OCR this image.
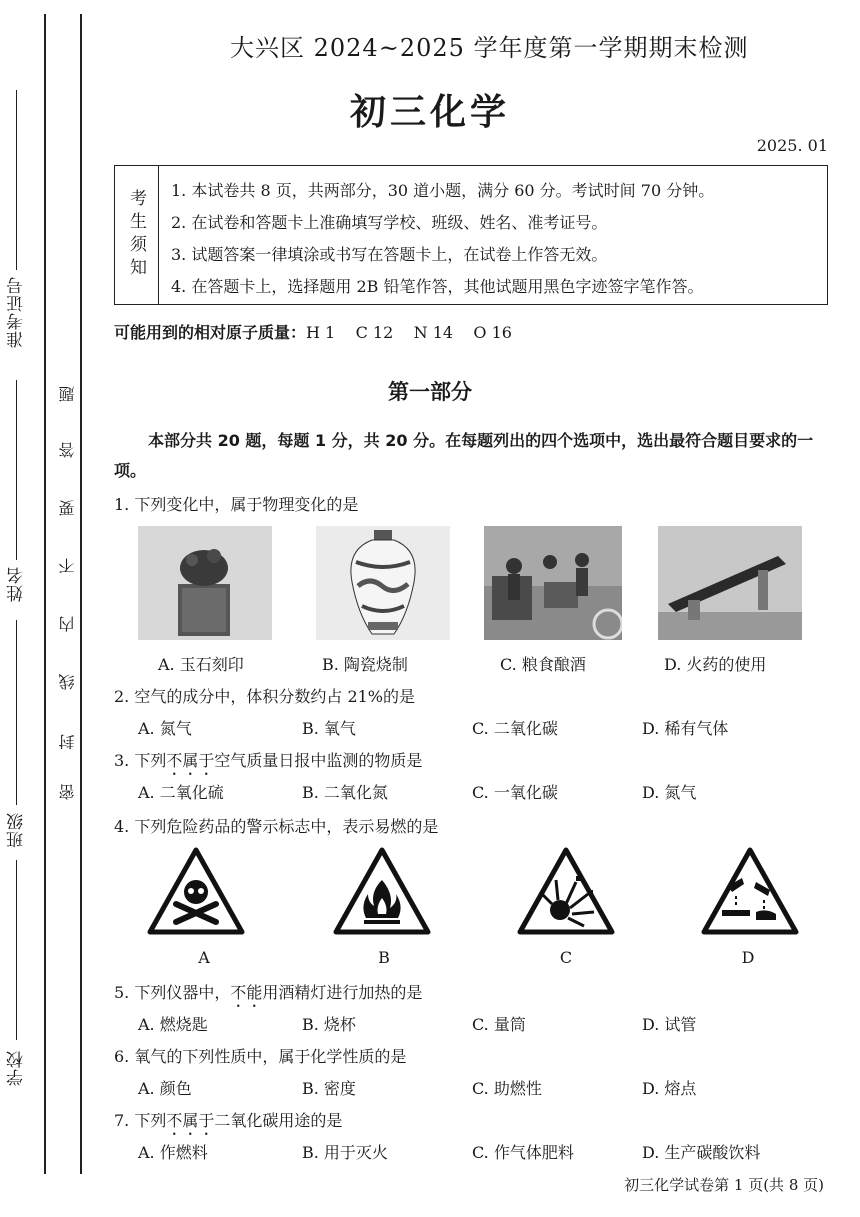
准考证号
姓名
班级
学校
密
封
线
内
不
要
答
题
大兴区 2024~2025 学年度第一学期期末检测
初三化学
2025. 01
考生须知 1. 本试卷共 8 页，共两部分，30 道小题，满分 60 分。考试时间 70 分钟。
2. 在试卷和答题卡上准确填写学校、班级、姓名、准考证号。
3. 试题答案一律填涂或书写在答题卡上，在试卷上作答无效。
4. 在答题卡上，选择题用 2B 铅笔作答，其他试题用黑色字迹签字笔作答。
可能用到的相对原子质量：H 1    C 12    N 14    O 16
第一部分
本部分共 20 题，每题 1 分，共 20 分。在每题列出的四个选项中，选出最符合题目要求的一项。
1. 下列变化中，属于物理变化的是
A. 玉石刻印	B. 陶瓷烧制	C. 粮食酿酒	D. 火药的使用
2. 空气的成分中，体积分数约占 21%的是
A. 氮气	B. 氧气	C. 二氧化碳	D. 稀有气体
3. 下列不属于空气质量日报中监测的物质是
A. 二氧化硫	B. 二氧化氮	C. 一氧化碳	D. 氮气
4. 下列危险药品的警示标志中，表示易燃的是
A	B	C	D
5. 下列仪器中，不能用酒精灯进行加热的是
A. 燃烧匙	B. 烧杯	C. 量筒	D. 试管
6. 氧气的下列性质中，属于化学性质的是
A. 颜色	B. 密度	C. 助燃性	D. 熔点
7. 下列不属于二氧化碳用途的是
A. 作燃料	B. 用于灭火	C. 作气体肥料	D. 生产碳酸饮料
初三化学试卷第 1 页(共 8 页)
